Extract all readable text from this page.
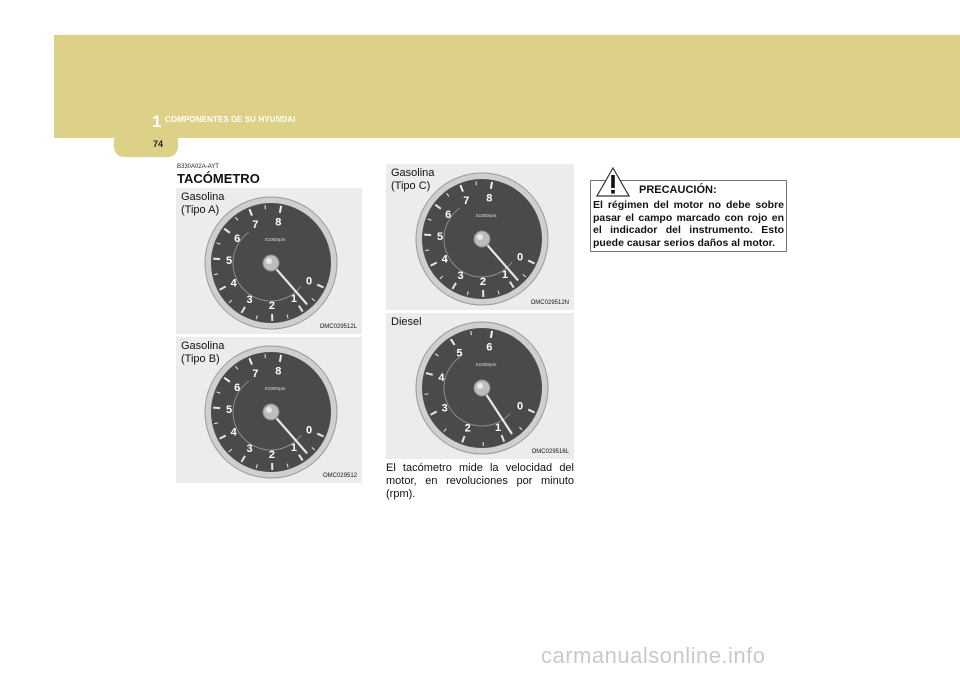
1 COMPONENTES DE SU HYUNDAI
74
B330A02A-AYT
TACÓMETRO
0
1
2
3
4
5
6
7 8
X1000rpm
Gasolina
(Tipo A)
OMC029512L
0
1
2
3
4
5
6
7 8
X1000rpm
Gasolina
(Tipo B)
OMC029512
0
1
2
3
4
5
6
7 8
X1000rpm
Gasolina
(Tipo C)
OMC029512N
0
1
2
3
4
5 6
X1000rpm
Diesel
OMC029516L
El tacómetro mide la velocidad del motor, en revoluciones por minuto (rpm).
PRECAUCIÓN:
El régimen del motor no debe sobre pasar el campo marcado con rojo en el indicador del instrumento. Esto puede causar serios daños al motor.
carmanualsonline.info
